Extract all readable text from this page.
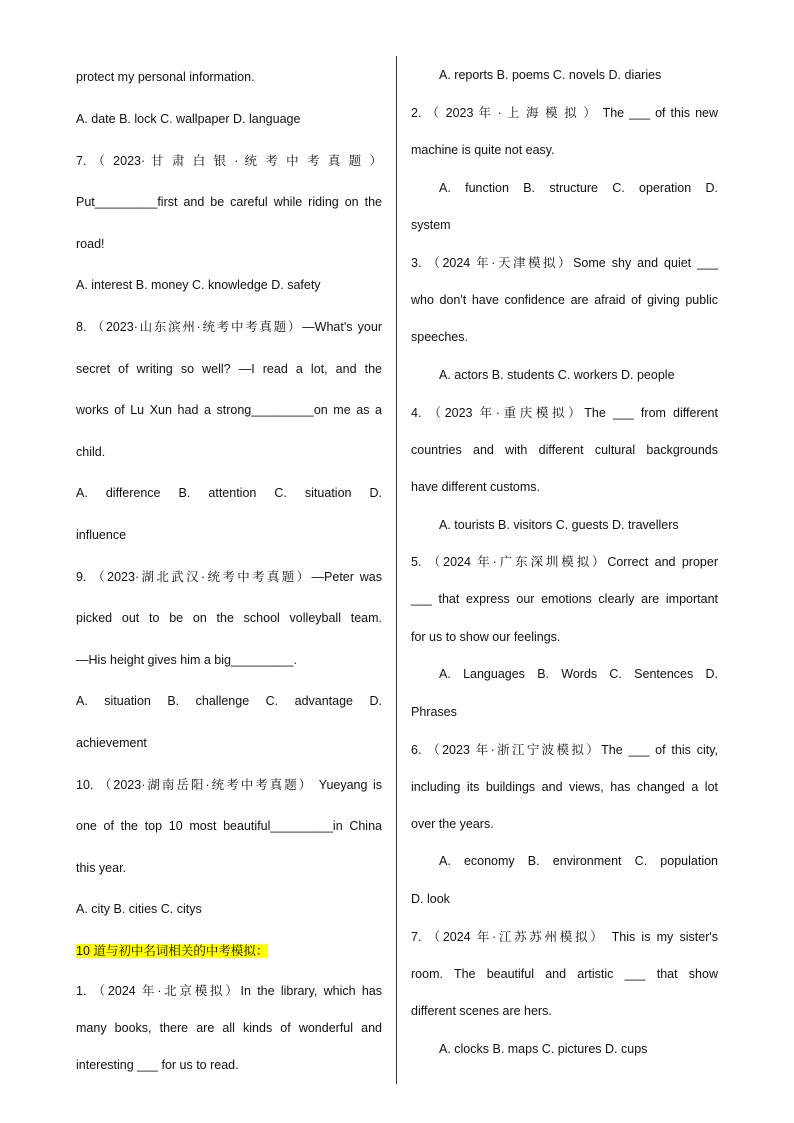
protect my personal information.
A. date B. lock C. wallpaper D. language
7. （ 2023· 甘 肃 白 银 · 统 考 中 考 真 题 ）
Put_________first and be careful while riding on the
road!
A. interest B. money C. knowledge D. safety
8. （2023·山东滨州·统考中考真题）—What's your
secret of writing so well? —I read a lot, and the
works of Lu Xun had a strong_________on me as a
child.
A. difference B. attention C. situation D.
influence
9. （2023·湖北武汉·统考中考真题）—Peter was
picked out to be on the school volleyball team.
—His height gives him a big_________.
A. situation B. challenge C. advantage D.
achievement
10. （2023·湖南岳阳·统考中考真题） Yueyang is
one of the top 10 most beautiful_________in China
this year.
A. city B. cities C. citys
10 道与初中名词相关的中考模拟：
1. （2024 年·北京模拟）In the library, which has
many books, there are all kinds of wonderful and
interesting ___ for us to read.
A. reports B. poems C. novels D. diaries
2. （ 2023 年 · 上 海 模 拟 ） The ___ of this new
machine is quite not easy.
A. function B. structure C. operation D.
system
3. （2024 年·天津模拟）Some shy and quiet ___
who don't have confidence are afraid of giving public
speeches.
A. actors B. students C. workers D. people
4. （2023 年·重庆模拟）The ___ from different
countries and with different cultural backgrounds
have different customs.
A. tourists B. visitors C. guests D. travellers
5. （2024 年·广东深圳模拟）Correct and proper
___ that express our emotions clearly are important
for us to show our feelings.
A. Languages B. Words C. Sentences D.
Phrases
6. （2023 年·浙江宁波模拟）The ___ of this city,
including its buildings and views, has changed a lot
over the years.
A. economy B. environment C. population
D. look
7. （2024 年·江苏苏州模拟） This is my sister's
room. The beautiful and artistic ___ that show
different scenes are hers.
A. clocks B. maps C. pictures D. cups
